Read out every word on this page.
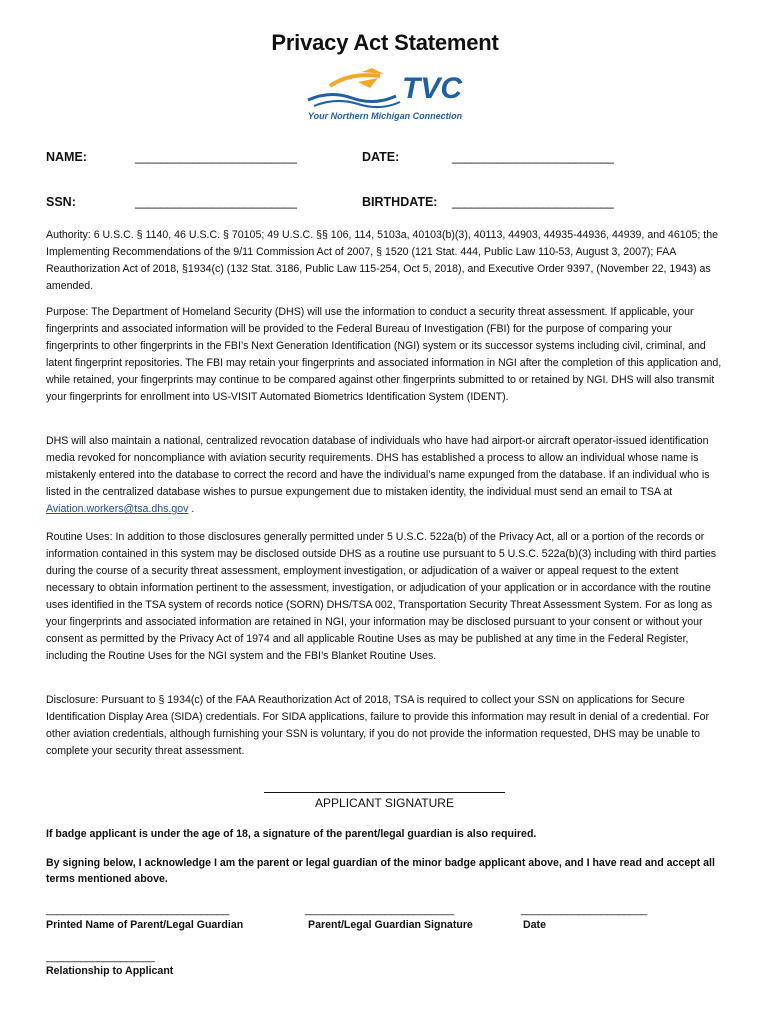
Privacy Act Statement
TVC
Your Northern Michigan Connection
NAME:	_________________________	DATE:	_________________________
SSN:	_________________________	BIRTHDATE: _________________________

Authority: 6 U.S.C. § 1140, 46 U.S.C. § 70105; 49 U.S.C. §§ 106, 114, 5103a, 40103(b)(3), 40113, 44903, 44935-44936, 44939, and 46105; the Implementing Recommendations of the 9/11 Commission Act of 2007, § 1520 (121 Stat. 444, Public Law 110-53, August 3, 2007); FAA Reauthorization Act of 2018, §1934(c) (132 Stat. 3186, Public Law 115-254, Oct 5, 2018), and Executive Order 9397, (November 22, 1943) as amended.

Purpose: The Department of Homeland Security (DHS) will use the information to conduct a security threat assessment. If applicable, your fingerprints and associated information will be provided to the Federal Bureau of Investigation (FBI) for the purpose of comparing your fingerprints to other fingerprints in the FBI’s Next Generation Identification (NGI) system or its successor systems including civil, criminal, and latent fingerprint repositories. The FBI may retain your fingerprints and associated information in NGI after the completion of this application and, while retained, your fingerprints may continue to be compared against other fingerprints submitted to or retained by NGI. DHS will also transmit your fingerprints for enrollment into US-VISIT Automated Biometrics Identification System (IDENT).

DHS will also maintain a national, centralized revocation database of individuals who have had airport-or aircraft operator-issued identification media revoked for noncompliance with aviation security requirements. DHS has established a process to allow an individual whose name is mistakenly entered into the database to correct the record and have the individual’s name expunged from the database. If an individual who is listed in the centralized database wishes to pursue expungement due to mistaken identity, the individual must send an email to TSA at Aviation.workers@tsa.dhs.gov .

Routine Uses: In addition to those disclosures generally permitted under 5 U.S.C. 522a(b) of the Privacy Act, all or a portion of the records or information contained in this system may be disclosed outside DHS as a routine use pursuant to 5 U.S.C. 522a(b)(3) including with third parties during the course of a security threat assessment, employment investigation, or adjudication of a waiver or appeal request to the extent necessary to obtain information pertinent to the assessment, investigation, or adjudication of your application or in accordance with the routine uses identified in the TSA system of records notice (SORN) DHS/TSA 002, Transportation Security Threat Assessment System. For as long as your fingerprints and associated information are retained in NGI, your information may be disclosed pursuant to your consent or without your consent as permitted by the Privacy Act of 1974 and all applicable Routine Uses as may be published at any time in the Federal Register, including the Routine Uses for the NGI system and the FBI’s Blanket Routine Uses.

Disclosure: Pursuant to § 1934(c) of the FAA Reauthorization Act of 2018, TSA is required to collect your SSN on applications for Secure Identification Display Area (SIDA) credentials. For SIDA applications, failure to provide this information may result in denial of a credential. For other aviation credentials, although furnishing your SSN is voluntary, if you do not provide the information requested, DHS may be unable to complete your security threat assessment.

APPLICANT SIGNATURE

If badge applicant is under the age of 18, a signature of the parent/legal guardian is also required.

By signing below, I acknowledge I am the parent or legal guardian of the minor badge applicant above, and I have read and accept all terms mentioned above.

________________________________	__________________________	______________________
Printed Name of Parent/Legal Guardian	Parent/Legal Guardian Signature	Date
___________________
Relationship to Applicant
